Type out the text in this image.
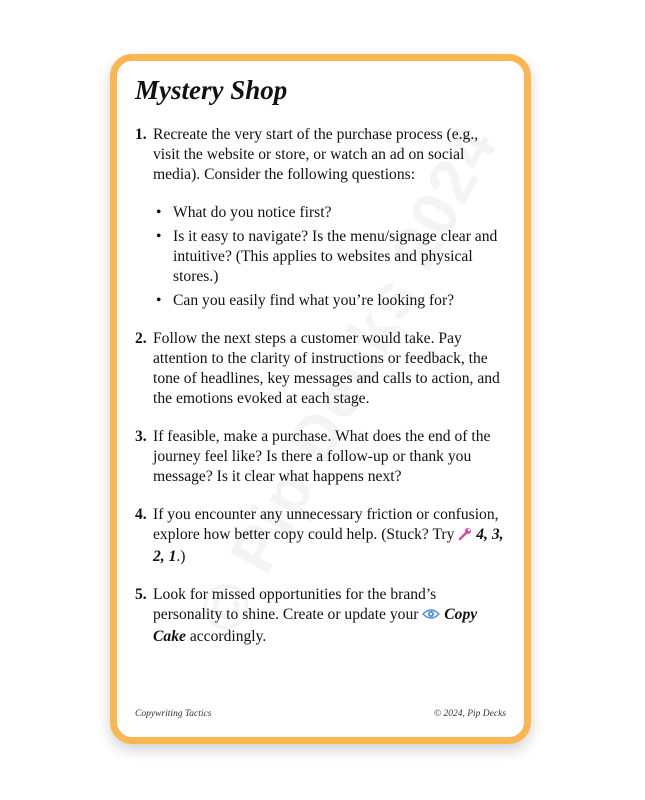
Mystery Shop
1. Recreate the very start of the purchase process (e.g., visit the website or store, or watch an ad on social media). Consider the following questions:
• What do you notice first?
• Is it easy to navigate? Is the menu/signage clear and intuitive? (This applies to websites and physical stores.)
• Can you easily find what you’re looking for?
2. Follow the next steps a customer would take. Pay attention to the clarity of instructions or feedback, the tone of headlines, key messages and calls to action, and the emotions evoked at each stage.
3. If feasible, make a purchase. What does the end of the journey feel like? Is there a follow-up or thank you message? Is it clear what happens next?
4. If you encounter any unnecessary friction or confusion, explore how better copy could help. (Stuck? Try  4, 3, 2, 1.)
5. Look for missed opportunities for the brand’s personality to shine. Create or update your  Copy Cake accordingly.
Copywriting Tactics	© 2024, Pip Decks
